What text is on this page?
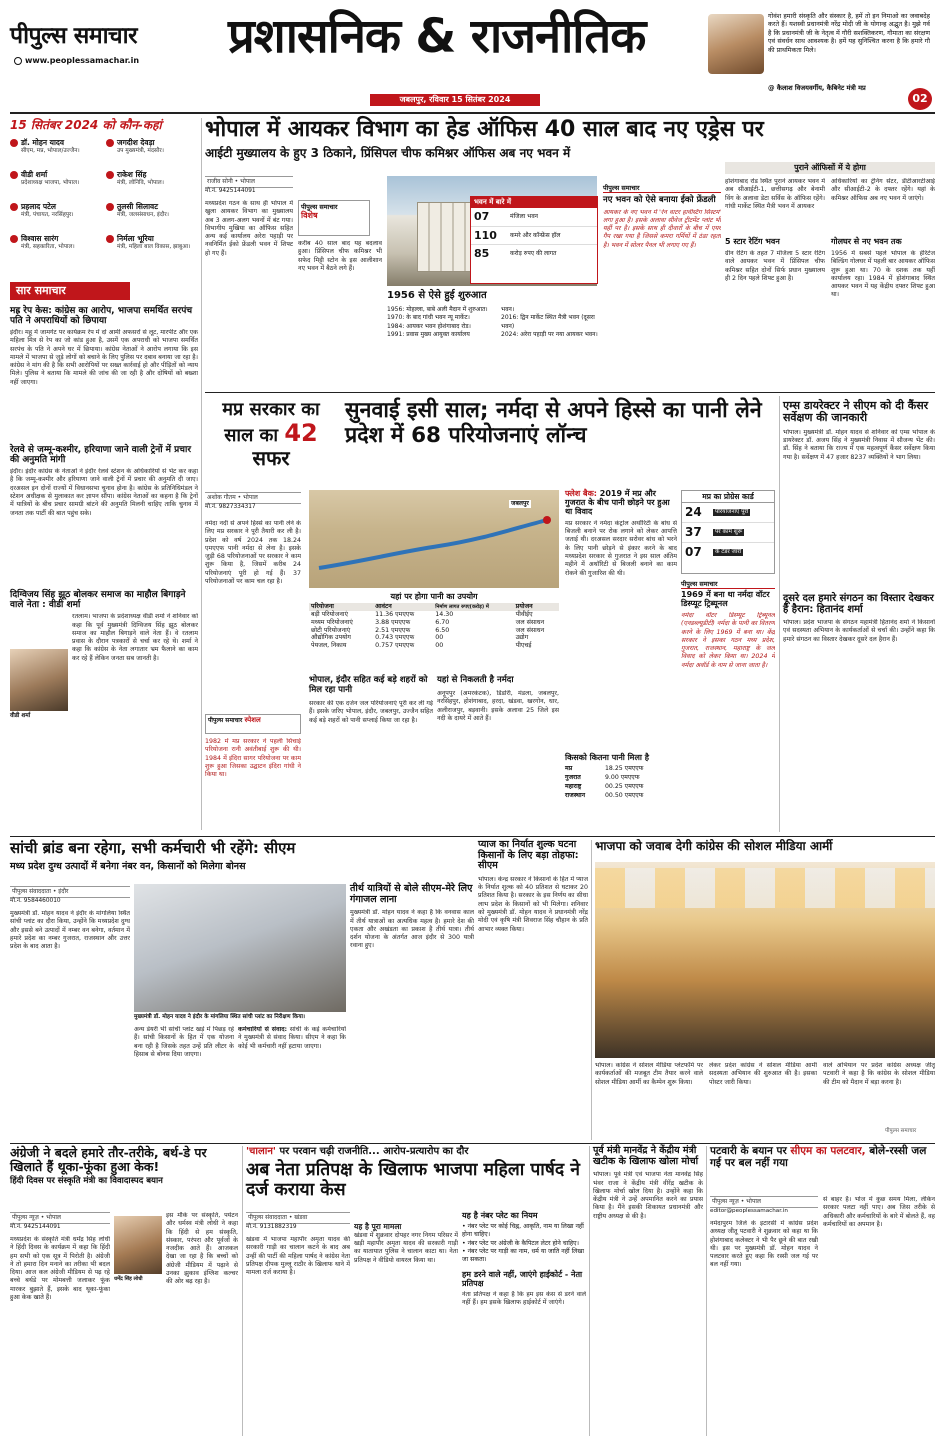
पीपुल्स समाचार
www.peoplessamachar.in प्रशासनिक & राजनीतिक
जबलपुर, रविवार 15 सितंबर 2024
गोवंश हमारी संस्कृति और संस्कार है, हमें तो इन निमाओ का जवाबदेह करते हैं। यशस्वी प्रधानमंत्री नरेंद्र मोदी जी के योगान्ह अद्भुत है। मुझे गर्व है कि प्रधानमंत्री जी के नेतृत्व में गौरी सशक्तिकरण, गौमाता का संरक्षण एवं संवर्धन साथ आवश्यक है। हमें यह सुनिश्चित करना है कि हमारे गौ की प्राथमिकता मिले।
@ कैलाश विजयवर्गीय, कैबिनेट मंत्री मप्र
02
15 सितंबर 2024 को कौन-कहां
डॉ. मोहन यादव
सीएम, मप्र, भोपाल/उज्जैन।
जगदीश देवड़ा
उप मुख्यमंत्री, मंदसौर।
वीडी शर्मा
प्रदेशाध्यक्ष भाजपा, भोपाल।
राकेश सिंह
मंत्री, लोनिवि, भोपाल।
प्रहलाद पटेल
मंत्री, पंचायत, नरसिंहपुर।
तुलसी सिलावट
मंत्री, जलसंसाधन, इंदौर।
विश्वास सारंग
मंत्री, सहकारिता, भोपाल।
निर्मला भूरिया
मंत्री, महिला बाल विकास, झाबुआ।
सार समाचार
मह्र रेप केस: कांग्रेस का आरोप, भाजपा समर्थित सरपंच पति ने अपराधियों को छिपाया
इंदौर। महू में जामगेट पर कार्यक्रम रेप में दो आर्मी अफसरों से लूट, मारपीट और एक महिला मित्र से रेप का जो कांड हुआ है, उसमें एक अपराधी को भाजपा समर्थित सरपंच के पति ने अपने घर में छिपाया। कांग्रेस नेताओं ने आरोप लगाया कि इस मामले में भाजपा से जुड़े लोगों को बचाने के लिए पुलिस पर दबाव बनाया जा रहा है। कांग्रेस ने मांग की है कि सभी आरोपियों पर सख्त कार्रवाई हो और पीड़ितों को न्याय मिले। पुलिस ने बताया कि मामले की जांच की जा रही है और दोषियों को बख्शा नहीं जाएगा।
रेलवे से जम्मू-कश्मीर, हरियाणा जाने वाली ट्रेनों में प्रचार की अनुमति मांगी
इंदौर। इंदौर कांग्रेस के नेताओं ने इंदौर रेलवे स्टेशन के अधिकारियों से भेंट कर कहा है कि जम्मू-कश्मीर और हरियाणा जाने वाली ट्रेनों में प्रचार की अनुमति दी जाए। दरअसल इन दोनों राज्यों में विधानसभा चुनाव होना है। कांग्रेस के प्रतिनिधिमंडल ने स्टेशन अधीक्षक से मुलाकात कर ज्ञापन सौंपा। कांग्रेस नेताओं का कहना है कि ट्रेनों में यात्रियों के बीच प्रचार सामग्री बांटने की अनुमति मिलनी चाहिए ताकि चुनाव में जनता तक पार्टी की बात पहुंच सके।
दिग्विजय सिंह झूठ बोलकर समाज का माहौल बिगाड़ने वाले नेता : वीडी शर्मा
वीडी शर्मा
रतलाम। भाजपा के प्रदेशाध्यक्ष वीडी शर्मा ने शनिवार को कहा कि पूर्व मुख्यमंत्री दिग्विजय सिंह झूठ बोलकर समाज का माहौल बिगाड़ने वाले नेता हैं। वे रतलाम प्रवास के दौरान पत्रकारों से चर्चा कर रहे थे। शर्मा ने कहा कि कांग्रेस के नेता लगातार भ्रम फैलाने का काम कर रहे हैं लेकिन जनता सब जानती है।
भोपाल में आयकर विभाग का हेड ऑफिस 40 साल बाद नए एड्रेस पर
आईटी मुख्यालय के हुए 3 ठिकाने, प्रिंसिपल चीफ कमिश्नर ऑफिस अब नए भवन में
राजीव सोनी • भोपाल
मो.नं. 9425144091
मध्यप्रदेश गठन के साथ ही भोपाल में खुला आयकर विभाग का मुख्यालय अब 3 अलग-अलग भवनों में बंट गया। विभागीय मुखिया का ऑफिस सहित अन्य कई कार्यालय अरेरा पहाड़ी पर नवनिर्मित ईको फ्रेंडली भवन में शिफ्ट हो गए हैं।
पीपुल्स समाचार
विशेष
करीब 40 साल बाद यह बदलाव हुआ। प्रिंसिपल चीफ कमिश्नर भी सफेद मिट्टी स्टोन के इस आलीशान नए भवन में बैठने लगे हैं।
भवन में बारे में
07	मंजिला भवन
110	कमरे और कॉन्फ्रेंस हॉल
85	करोड़ रुपए की लागत
1956 से ऐसे हुई शुरुआत
1956: मोहल्ला, बाबे अली मैदान में शुरुआत।
1970: के बाद गांधी भवन न्यू मार्केट।
1984: आयकर भवन होशंगाबाद रोड।
1991: प्रवास मुख्य आयुक्त कार्यालय
भवन।
2016: द्विन मार्केट स्थित मैत्री भवन (दूसरा भवन)
2024: अरेरा पहाड़ी पर नया आयकर भवन।
पीपुल्स समाचार
नए भवन को ऐसे बनाया ईको फ्रेंडली
आयकर के नए भवन में 'रेन वाटर हार्वेस्टिंग सिस्टम' लगा हुआ है। इसके अलावा सीवेज ट्रीटमेंट प्लांट भी यहीं पर है। इसके साथ ही दीवारों के बीच में एयर गैप रखा गया है जिससे कमरा गर्मियों में ठंडा रहता है। भवन में सोलर पैनल भी लगाए गए हैं।
पुराने ऑफिसों में ये होगा
होशंगाबाद रोड स्थित पुराने आयकर भवन में अब सीआईटी-1, छत्तीसगढ़ और बेनामी विंग के अलावा डेटा सर्विस के ऑफिस रहेंगे। गांधी मार्केट स्थित मैत्री भवन में आयकर
अधिकारियों का ट्रेनिंग सेंटर, डीटीआरटीआई और सीआईटी-2 के दफ्तर रहेंगे। यहां के कमिश्नर ऑफिस अब नए भवन में जाएंगे।
5 स्टार रेटिंग भवन
ग्रीन रेटिंग के तहत 7 मंजिला 5 स्टार रेटिंग वाले आयकर भवन में प्रिंसिपल चीफ कमिश्नर सहित दोनों सिर्फ प्रधान मुख्यालय ही 2 दिन पहले शिफ्ट हुआ है।
गोलघर से नए भवन तक
1956 में सबसे पहले भोपाल के हेरिटेज बिल्डिंग गोलघर में पहली बार आयकर ऑफिस शुरू हुआ था। 70 के दशक तक यहीं कार्यालय रहा। 1984 में होशंगाबाद स्थित आयकर भवन में यह केंद्रीय दफ्तर शिफ्ट हुआ था।
मप्र सरकार का
साल का 42
सफर
सुनवाई इसी साल; नर्मदा से अपने हिस्से का पानी लेने प्रदेश में 68 परियोजनाएं लॉन्च
अशोक गौतम • भोपाल
मो.नं. 9827334317
नर्मदा नदी से अपने हिस्से का पानी लेने के लिए मप्र सरकार ने पूरी तैयारी कर ली है। प्रदेश को वर्ष 2024 तक 18.24 एमएएफ पानी नर्मदा से लेना है। इसके जुड़ी 68 परियोजनाओं पर सरकार ने काम शुरू किया है, जिसमें करीब 24 परियोजनाएं पूरी हो गई हैं। 37 परियोजनाओं पर काम चल रहा है।
पीपुल्स समाचार स्पेशल
1982 में मप्र सरकार ने पहली सिंचाई परियोजना रानी अवंतीबाई शुरू की थी। 1984 में इंदिरा सागर परियोजना पर काम शुरू हुआ जिसका उद्घाटन इंदिरा गांधी ने किया था।
जबलपुर
यहां पर होगा पानी का उपयोग
परियोजना	आवंटन	निर्माण लागत रुपए(करोड़) में	प्रयोजन
बड़ी परियोजनाएं	11.36 एमएएफ	14.30	पीवीईए
मध्यम परियोजनाएं	3.88 एमएएफ	6.70	जल संसाधन
छोटी परियोजनाएं	2.51 एमएएफ	6.50	जल संसाधन
औद्योगिक उपयोग	0.743 एमएएफ	00	उद्योग
पेयजल, निकाय	0.757 एमएएफ	00	पीएचई
भोपाल, इंदौर सहित कई बड़े शहरों को मिल रहा पानी
सरकार की एक दर्जन जल परियोजनाएं पूरी कर ली गई हैं। इसके जरिए भोपाल, इंदौर, जबलपुर, उज्जैन सहित कई बड़े शहरों को पानी सप्लाई किया जा रहा है।
यहां से निकलती है नर्मदा
अनूपपुर (अमरकंटक), डिंडोरी, मंडला, जबलपुर, नरसिंहपुर, होशंगाबाद, हरदा, खंडवा, खरगोन, धार, अलीराजपुर, बड़वानी। इसके अलावा 25 जिले इस नदी के दायरे में आते हैं।
फ्लेश बैक: 2019 में मप्र और गुजरात के बीच पानी छोड़ने पर हुआ था विवाद
मप्र सरकार ने नर्मदा कंट्रोल अथॉरिटी के बांध से बिजली बनाने पर रोक लगाने को लेकर आपत्ति जताई थी। दरअसल सरदार सरोवर बांध को भरने के लिए पानी छोड़ने से इंकार करने के बाद मध्यप्रदेश सरकार से गुजरात ने इस साल अंतिम महीने में अथॉरिटी से बिजली बनाने का काम रोकने की गुजारिश की थी।
किसको कितना पानी मिला है
मप्र	18.25 एमएएफ
गुजरात	9.00 एमएएफ
महाराष्ट्र	00.25 एमएएफ
राजस्थान	00.50 एमएएफ
मप्र का प्रोग्रेस कार्ड
24	परियोजनाएं पूरी
37	पर काम शुरू
07	के टेंडर जारी
पीपुल्स समाचार
1969 में बना था नर्मदा वॉटर डिस्प्यूट ट्रिब्यूनल
नर्मदा वॉटर डिस्प्यूट ट्रिब्यूनल (एनडब्ल्यूडीटी) नर्मदा के पानी का वितरण करने के लिए 1969 में बना था। केंद्र सरकार ने इसका गठन मध्य प्रदेश, गुजरात, राजस्थान, महाराष्ट्र के जल विवाद को लेकर किया था। 2024 में नर्मदा अवॉर्ड के नाम से जाना जाता है।
एम्स डायरेक्टर ने सीएम को दी कैंसर सर्वेक्षण की जानकारी
भोपाल। मुख्यमंत्री डॉ. मोहन यादव से शनिवार को एम्स भोपाल के डायरेक्टर डॉ. अजय सिंह ने मुख्यमंत्री निवास में सौजन्य भेंट की। डॉ. सिंह ने बताया कि राज्य में एक महत्वपूर्ण कैंसर सर्वेक्षण किया गया है। सर्वेक्षण में 47 हजार 8237 व्यक्तियों ने भाग लिया।
दूसरे दल हमारे संगठन का विस्तार देखकर हैं हैरान: हितानंद शर्मा
भोपाल। प्रदेश भाजपा के संगठन महामंत्री हितानंद शर्मा ने किसानों एवं सदस्यता अभियान के कार्यकर्ताओं से चर्चा की। उन्होंने कहा कि हमारे संगठन का विस्तार देखकर दूसरे दल हैरान हैं।
सांची ब्रांड बना रहेगा, सभी कर्मचारी भी रहेंगे: सीएम
मध्य प्रदेश दुग्ध उत्पादों में बनेगा नंबर वन, किसानों को मिलेगा बोनस
पीपुल्स संवाददाता • इंदौर
मो.नं. 9584460010
मुख्यमंत्री डॉ. मोहन यादव ने इंदौर के मांगलिया स्थित सांची प्लांट का दौरा किया, उन्होंने कि मध्यप्रदेश दुग्ध और इससे बने उत्पादों में नम्बर वन बनेगा, वर्तमान में हमारे प्रदेश का नम्बर गुजरात, राजस्थान और उत्तर प्रदेश के बाद आता है।
मुख्यमंत्री डॉ. मोहन यादव ने इंदौर के मांगलिया स्थित सांची प्लांट का निरीक्षण किया।
अन्य डेयरी भी सांची प्लांट खड़े में पिछड़ रहे हैं। सांची किसानों के हित में एक योजना बना रही है जिसके तहत उन्हें प्रति लीटर के हिसाब से बोनस दिया जाएगा।
कर्मचारियों से संवाद: सांची के कई कर्मचारियों ने मुख्यमंत्री से संवाद किया। सीएम ने कहा कि कोई भी कर्मचारी नहीं हटाया जाएगा।
तीर्थ यात्रियों से बोले सीएम-मेरे लिए गंगाजल लाना
मुख्यमंत्री डॉ. मोहन यादव ने कहा है कि वनवास काल में तीर्थ यात्राओं का अत्यधिक महत्व है। हमारे देश की एकता और अखंडता का प्रकाश है तीर्थ यात्रा। तीर्थ दर्शन योजना के अंतर्गत आज इंदौर से 300 यात्री रवाना हुए।
प्याज का निर्यात शुल्क घटना किसानों के लिए बड़ा तोहफा: सीएम
भोपाल। केन्द्र सरकार ने किसानों के हित में प्याज के निर्यात शुल्क को 40 प्रतिशत से घटाकर 20 प्रतिशत किया है। सरकार के इस निर्णय का सीधा लाभ प्रदेश के किसानों को भी मिलेगा। शनिवार को मुख्यमंत्री डॉ. मोहन यादव ने प्रधानमंत्री नरेंद्र मोदी एवं कृषि मंत्री शिवराज सिंह चौहान के प्रति आभार व्यक्त किया।
भाजपा को जवाब देगी कांग्रेस की सोशल मीडिया आर्मी
भोपाल। कांग्रेस ने सोशल मीडिया प्लेटफॉर्म पर कार्यकर्ताओं की मजबूत टीम तैयार करने वाले सोशल मीडिया आर्मी का कैम्पेन शुरू किया।
लेकर प्रदेश कांग्रेस ने सोशल मीडिया आर्मी सदस्यता अभियान की शुरुआत की है। इसका पोस्टर जारी किया।
वाले अभियान पर प्रदेश कांग्रेस अध्यक्ष जीतू पटवारी ने कहा है कि कांग्रेस के सोशल मीडिया की टीम को मैदान में बड़ा करना है।
पीपुल्स समाचार
अंग्रेजी ने बदले हमारे तौर-तरीके, बर्थ-डे पर खिलाते हैं थूका-फूंका हुआ केक!
हिंदी दिवस पर संस्कृति मंत्री का विवादास्पद बयान
पीपुल्स न्यूज़ • भोपाल
मो.नं. 9425144091
मध्यप्रदेश के संस्कृति मंत्री धर्मेंद्र सिंह लोधी ने हिंदी दिवस के कार्यक्रम में कहा कि हिंदी हम सभी को एक सूत्र में पिरोती है। अंग्रेजी ने तो हमारा दिन मनाने का तरीका भी बदल दिया। आज कल अंग्रेजी मीडियम से पढ़ रहे बच्चे बर्थडे पर मोमबत्ती जलाकर फूंक मारकर बुझाते हैं, इसके बाद थूका-फूंका हुआ केक खाते हैं।
धर्मेंद्र सिंह लोधी
इस मौके पर संस्कृति, पर्यटन और धर्मस्व मंत्री लोधी ने कहा कि हिंदी से हम संस्कृति, संस्कार, परंपरा और पूर्वजों के नजदीक आते हैं। आजकल देखा जा रहा है कि बच्चों को अंग्रेजी मीडियम में पढ़ाने से उनका झुकाव इंग्लिश कल्चर की ओर बढ़ रहा है।
'चालान' पर परवान चढ़ी राजनीति... आरोप-प्रत्यारोप का दौर
अब नेता प्रतिपक्ष के खिलाफ भाजपा महिला पार्षद ने दर्ज कराया केस
पीपुल्स संवाददाता • खंडवा
मो.नं. 9131882319
खंडवा में भाजपा महापौर अमृता यादव की सरकारी गाड़ी का चालान कटने के बाद अब उन्हीं की पार्टी की महिला पार्षद ने कांग्रेस नेता प्रतिपक्ष दीपक मुल्लू राठौर के खिलाफ थाने में मामला दर्ज कराया है।
यह है पूरा मामला
खंडवा में शुक्रवार दोपहर नगर निगम परिसर में खड़ी महापौर अमृता यादव की सरकारी गाड़ी का यातायात पुलिस ने चालान काटा था। नेता प्रतिपक्ष ने वीडियो वायरल किया था।
यह है नंबर प्लेट का नियम
• नंबर प्लेट पर कोई चिह्न, आकृति, नाम या लिखा नहीं होना चाहिए।
• नंबर प्लेट पर अंग्रेजी के कैपिटल लेटर होने चाहिए।
• नंबर प्लेट पर गाड़ी का नाम, धर्म या जाति नहीं लिखा जा सकता।
हम डरने वाले नहीं, जाएंगे हाईकोर्ट - नेता प्रतिपक्ष
नेता प्रतिपक्ष ने कहा है कि हम इस केस से डरने वाले नहीं हैं। हम इसके खिलाफ हाईकोर्ट में जाएंगे।
पूर्व मंत्री मानवेंद्र ने केंद्रीय मंत्री खटीक के खिलाफ खोला मोर्चा
भोपाल। पूर्व मंत्री एवं भाजपा नेता मानवेंद्र सिंह भंवर राजा ने केंद्रीय मंत्री वीरेंद्र खटीक के खिलाफ मोर्चा खोल दिया है। उन्होंने कहा कि केंद्रीय मंत्री ने उन्हें अपमानित करने का प्रयास किया है। मैंने इसकी शिकायत प्रधानमंत्री और राष्ट्रीय अध्यक्ष से की है।
पटवारी के बयान पर सीएम का पलटवार, बोले-रस्सी जल गई पर बल नहीं गया
पीपुल्स न्यूज़ • भोपाल
editor@peoplessamachar.in
नर्मदापुरम जिले के इटारसी में कांग्रेस प्रदेश अध्यक्ष जीतू पटवारी ने शुक्रवार को कहा था कि होशंगाबाद कलेक्टर ने भी पैर छूने की बात रखी थी। इस पर मुख्यमंत्री डॉ. मोहन यादव ने पलटवार करते हुए कहा कि रस्सी जल गई पर बल नहीं गया।
से बाहर है। भोज में कुछ समय मिला, लेकिन सरकार पलटा नहीं पाए। अब जिस तरीके से अधिकारी और कर्मचारियों के बारे में बोलते हैं, वह कर्मचारियों का अपमान है।
